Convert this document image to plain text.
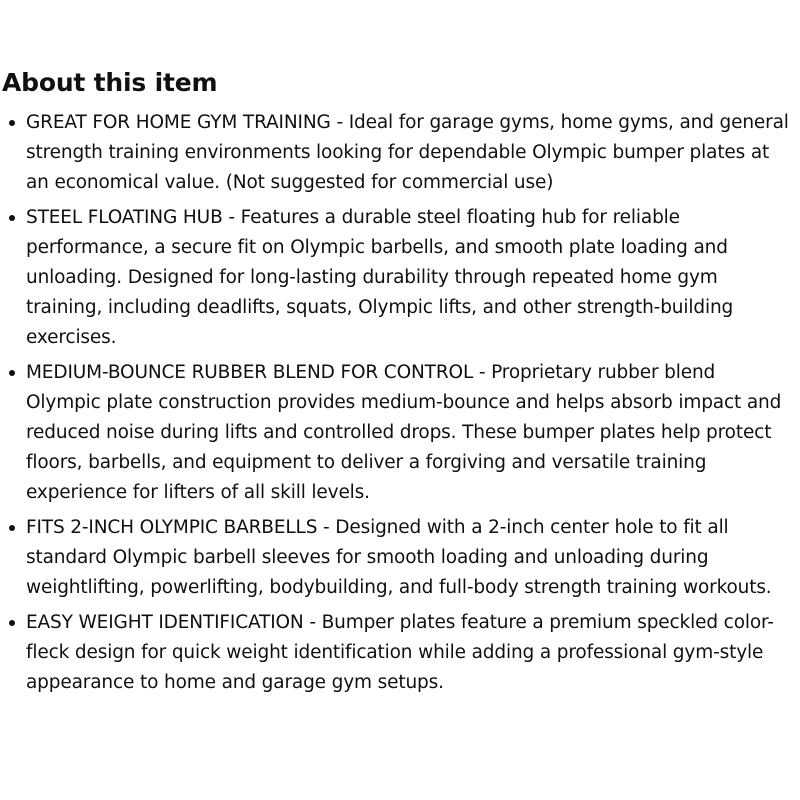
About this item
GREAT FOR HOME GYM TRAINING - Ideal for garage gyms, home gyms, and general strength training environments looking for dependable Olympic bumper plates at an economical value. (Not suggested for commercial use)
STEEL FLOATING HUB - Features a durable steel floating hub for reliable performance, a secure fit on Olympic barbells, and smooth plate loading and unloading. Designed for long-lasting durability through repeated home gym training, including deadlifts, squats, Olympic lifts, and other strength-building exercises.
MEDIUM-BOUNCE RUBBER BLEND FOR CONTROL - Proprietary rubber blend Olympic plate construction provides medium-bounce and helps absorb impact and reduced noise during lifts and controlled drops. These bumper plates help protect floors, barbells, and equipment to deliver a forgiving and versatile training experience for lifters of all skill levels.
FITS 2-INCH OLYMPIC BARBELLS - Designed with a 2-inch center hole to fit all standard Olympic barbell sleeves for smooth loading and unloading during weightlifting, powerlifting, bodybuilding, and full-body strength training workouts.
EASY WEIGHT IDENTIFICATION - Bumper plates feature a premium speckled color-fleck design for quick weight identification while adding a professional gym-style appearance to home and garage gym setups.
